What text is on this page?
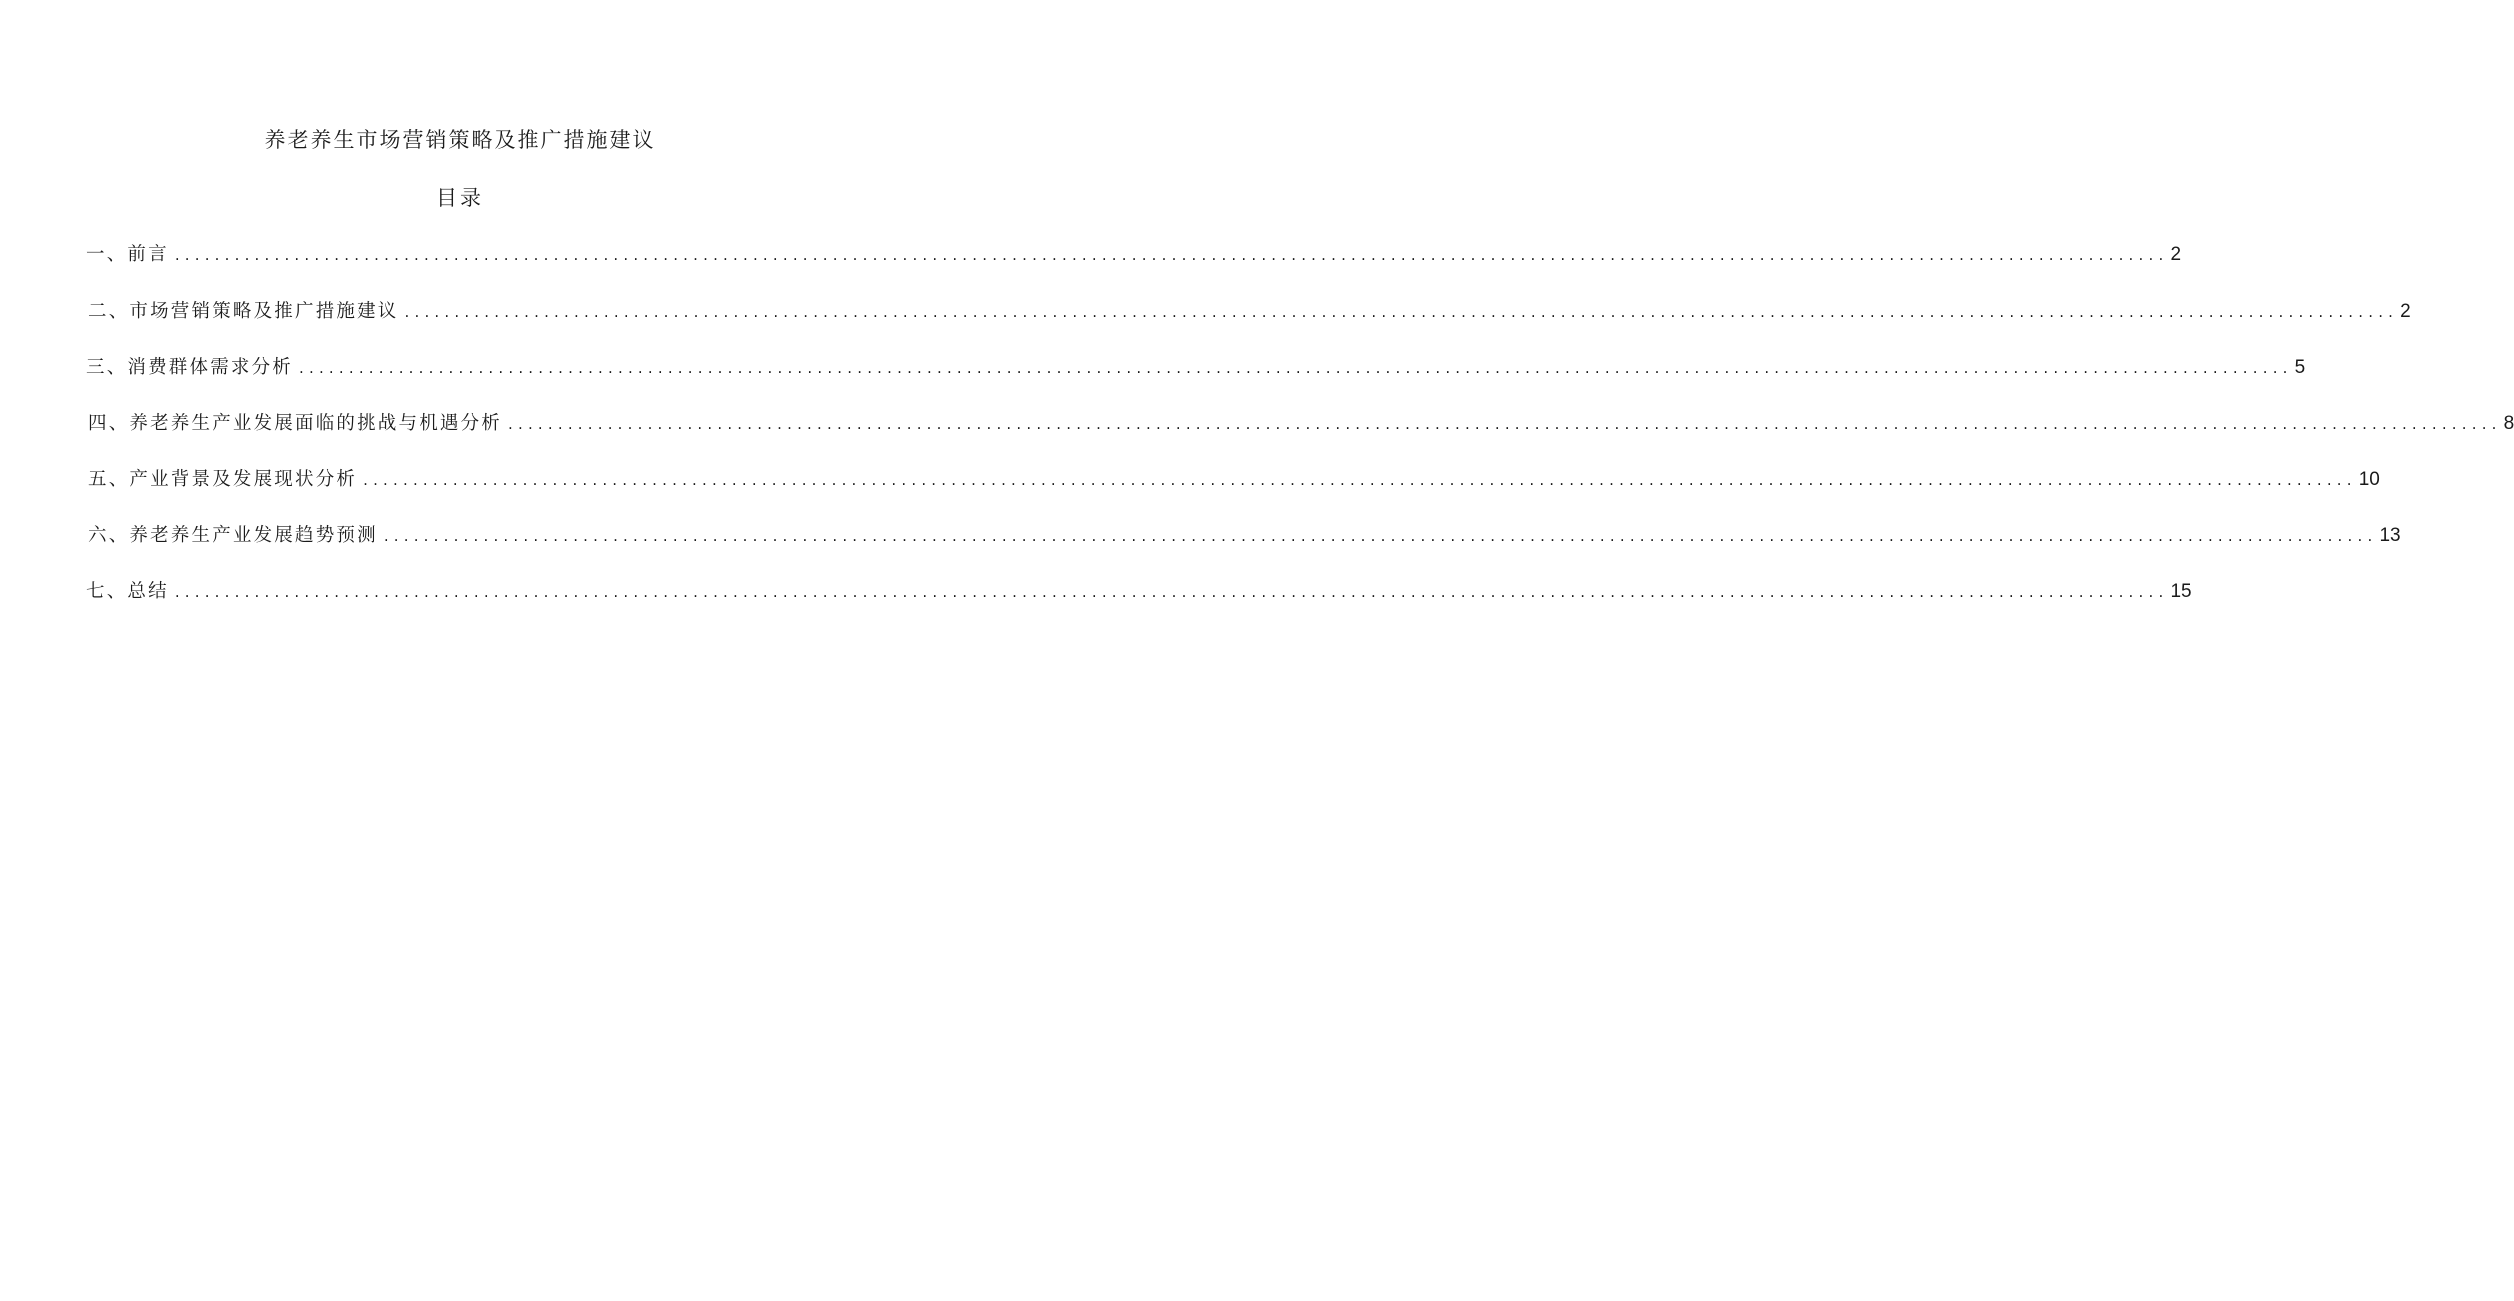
养老养生市场营销策略及推广措施建议
目录
一、前言 ........................................................................................................................................................................................................ 2
二、市场营销策略及推广措施建议 ........................................................................................................................................................................................................ 2
三、消费群体需求分析 ........................................................................................................................................................................................................ 5
四、养老养生产业发展面临的挑战与机遇分析 ........................................................................................................................................................................................................ 8
五、产业背景及发展现状分析 ........................................................................................................................................................................................................ 10
六、养老养生产业发展趋势预测 ........................................................................................................................................................................................................ 13
七、总结 ........................................................................................................................................................................................................ 15
